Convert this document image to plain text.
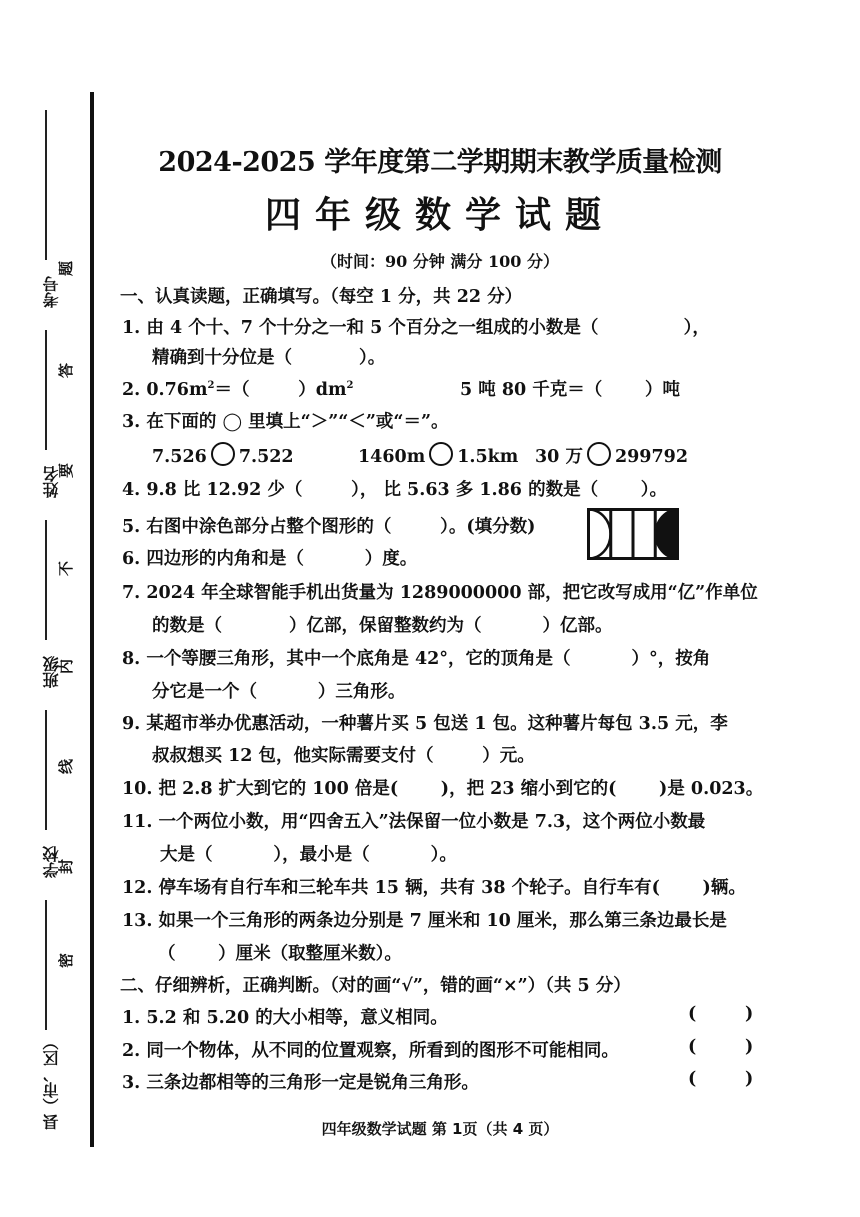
考号
姓名
班级
学校
县（市、区）
题
答
要
不
内
线
封
密
2024-2025 学年度第二学期期末教学质量检测
四年级数学试题
（时间：90 分钟 满分 100 分）
一、认真读题，正确填写。（每空 1 分，共 22 分）
1. 由 4 个十、7 个十分之一和 5 个百分之一组成的小数是（              ），
精确到十分位是（           ）。
2. $0.76m^2=$（        ）$dm^2$	5 吨 80 千克＝（       ）吨
3. 在下面的 ◯ 里填上“＞”“＜”或“＝”。
7.526 7.522	1460m 1.5km 30 万 299792
4. 9.8 比 12.92 少（        ）， 比 5.63 多 1.86 的数是（       ）。
5. 右图中涂色部分占整个图形的（        ）。(填分数)
6. 四边形的内角和是（          ）度。
7. 2024 年全球智能手机出货量为 1289000000 部，把它改写成用“亿”作单位
的数是（           ）亿部，保留整数约为（          ）亿部。
8. 一个等腰三角形，其中一个底角是 42°，它的顶角是（          ）°，按角
分它是一个（          ）三角形。
9. 某超市举办优惠活动，一种薯片买 5 包送 1 包。这种薯片每包 3.5 元，李
叔叔想买 12 包，他实际需要支付（        ）元。
10. 把 2.8 扩大到它的 100 倍是(       )，把 23 缩小到它的(       )是 0.023。
11. 一个两位小数，用“四舍五入”法保留一位小数是 7.3，这个两位小数最
大是（          ），最小是（          ）。
12. 停车场有自行车和三轮车共 15 辆，共有 38 个轮子。自行车有(       )辆。
13. 如果一个三角形的两条边分别是 7 厘米和 10 厘米，那么第三条边最长是
（       ）厘米（取整厘米数）。
二、仔细辨析，正确判断。（对的画“√”，错的画“×”）（共 5 分）
1. 5.2 和 5.20 的大小相等，意义相同。	(        )
2. 同一个物体，从不同的位置观察，所看到的图形不可能相同。	(        )
3. 三条边都相等的三角形一定是锐角三角形。	(        )
四年级数学试题 第 1页（共 4 页）
